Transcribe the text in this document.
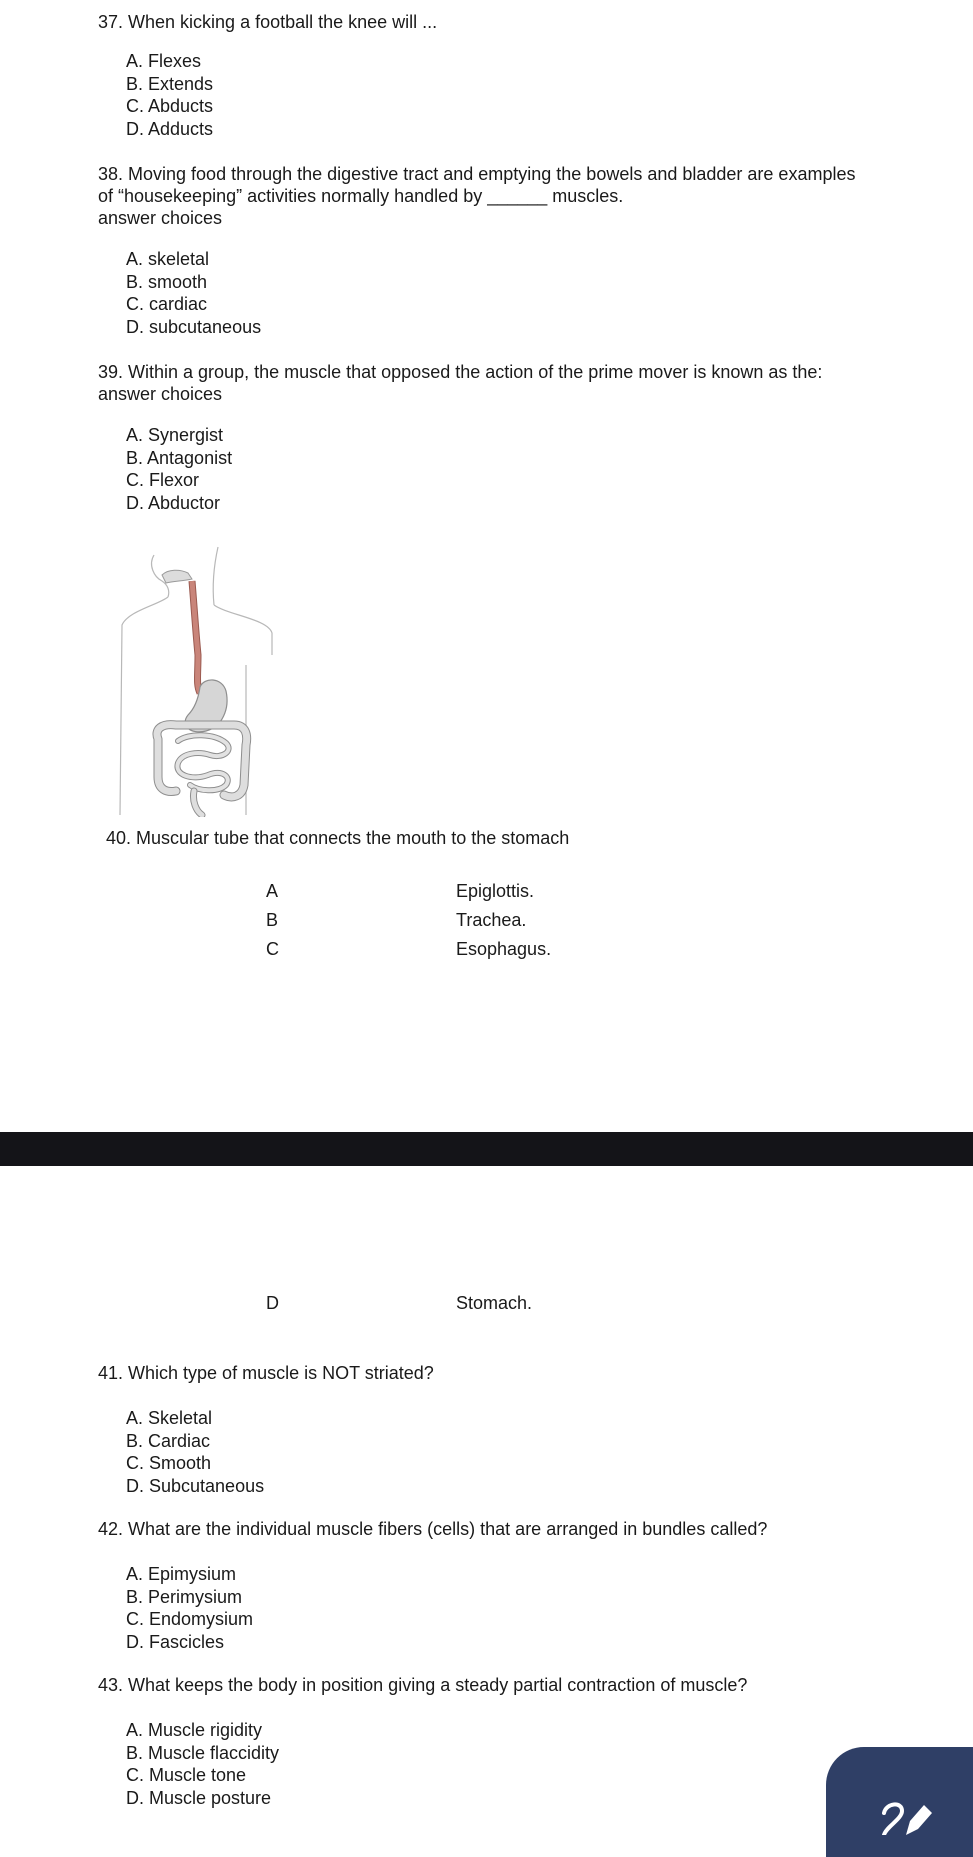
37. When kicking a football the knee will ...
A. Flexes
B. Extends
C. Abducts
D. Adducts
38. Moving food through the digestive tract and emptying the bowels and bladder are examples
of “housekeeping” activities normally handled by ______ muscles.
answer choices
A. skeletal
B. smooth
C. cardiac
D. subcutaneous
39. Within a group, the muscle that opposed the action of the prime mover is known as the:
answer choices
A. Synergist
B. Antagonist
C. Flexor
D. Abductor
40. Muscular tube that connects the mouth to the stomach
A	Epiglottis.
B	Trachea.
C	Esophagus.
D	Stomach.
41. Which type of muscle is NOT striated?
A. Skeletal
B. Cardiac
C. Smooth
D. Subcutaneous
42. What are the individual muscle fibers (cells) that are arranged in bundles called?
A. Epimysium
B. Perimysium
C. Endomysium
D. Fascicles
43. What keeps the body in position giving a steady partial contraction of muscle?
A. Muscle rigidity
B. Muscle flaccidity
C. Muscle tone
D. Muscle posture
